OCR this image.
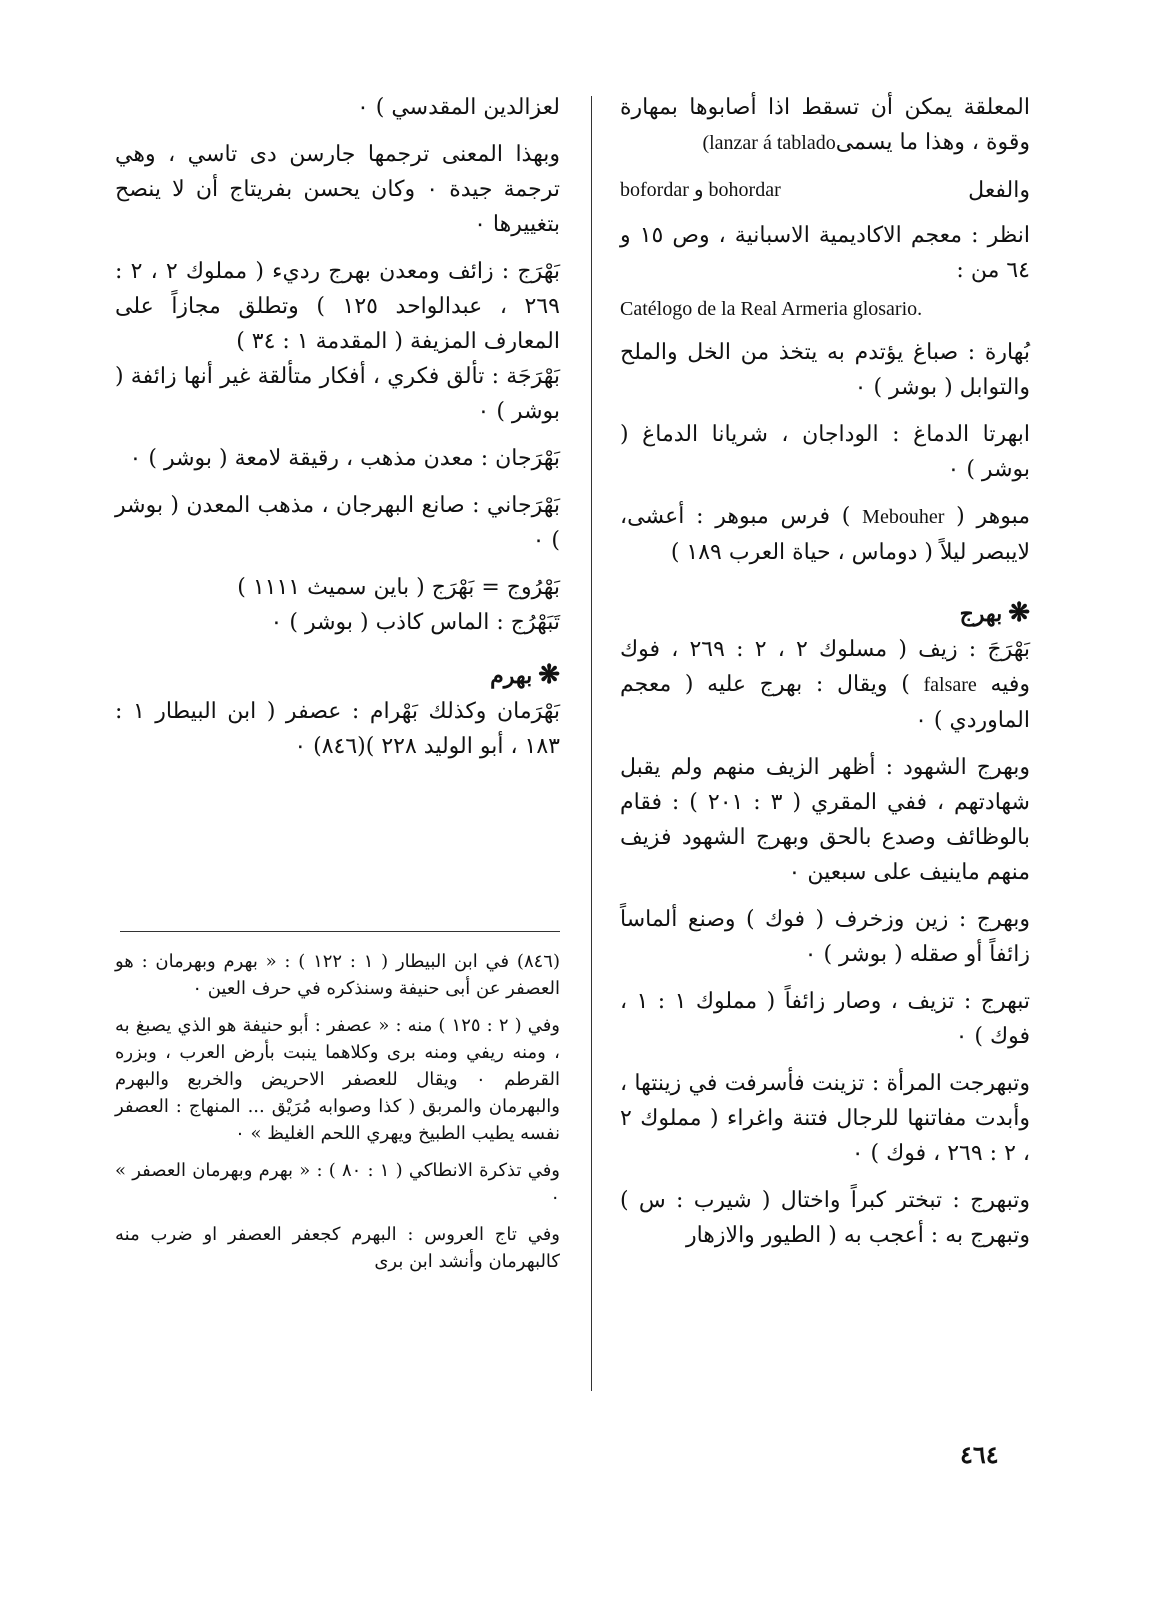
المعلقة يمكن أن تسقط اذا أصابوها بمهارة وقوة ، وهذا ما يسمى(lanzar á tablado

والفعل
bofordar و bohordar

انظر : معجم الاكاديمية الاسبانية ، وص ١٥ و ٦٤ من :

Catélogo de la Real Armeria glosario.

بُهارة : صباغ يؤتدم به يتخذ من الخل والملح والتوابل ( بوشر ) ٠

ابهرتا الدماغ : الوداجان ، شريانا الدماغ ( بوشر ) ٠

مبوهر ( Mebouher ) فرس مبوهر : أعشى، لايبصر ليلاً ( دوماس ، حياة العرب ١٨٩ )

❋بهرج

بَهْرَجَ : زيف ( مسلوك ٢ ، ٢ : ٢٦٩ ، فوك وفيه falsare ) ويقال : بهرج عليه ( معجم الماوردي ) ٠

وبهرج الشهود : أظهر الزيف منهم ولم يقبل شهادتهم ، ففي المقري ( ٣ : ٢٠١ ) : فقام بالوظائف وصدع بالحق وبهرج الشهود فزيف منهم ماينيف على سبعين ٠

وبهرج : زين وزخرف ( فوك ) وصنع ألماساً زائفاً أو صقله ( بوشر ) ٠

تبهرج : تزيف ، وصار زائفاً ( مملوك ١ : ١ ، فوك ) ٠

وتبهرجت المرأة : تزينت فأسرفت في زينتها ، وأبدت مفاتنها للرجال فتنة واغراء ( مملوك ٢ ، ٢ : ٢٦٩ ، فوك ) ٠

وتبهرج : تبختر كبراً واختال ( شيرب : س ) وتبهرج به : أعجب به ( الطيور والازهار

لعزالدين المقدسي ) ٠

وبهذا المعنى ترجمها جارسن دى تاسي ، وهي ترجمة جيدة ٠ وكان يحسن بفريتاج أن لا ينصح بتغييرها ٠

بَهْرَج : زائف ومعدن بهرج رديء ( مملوك ٢ ، ٢ : ٢٦٩ ، عبدالواحد ١٢٥ ) وتطلق مجازاً على المعارف المزيفة ( المقدمة ١ : ٣٤ )

بَهْرَجَة : تألق فكري ، أفكار متألقة غير أنها زائفة ( بوشر ) ٠

بَهْرَجان : معدن مذهب ، رقيقة لامعة ( بوشر ) ٠

بَهْرَجاني : صانع البهرجان ، مذهب المعدن ( بوشر ) ٠

بَهْرُوج = بَهْرَج ( باين سميث ١١١١ )

تَبَهْرُج : الماس كاذب ( بوشر ) ٠

❋بهرم

بَهْرَمان وكذلك بَهْرام : عصفر ( ابن البيطار ١ : ١٨٣ ، أبو الوليد ٢٢٨ )(٨٤٦) ٠

(٨٤٦) في ابن البيطار ( ١ : ١٢٢ ) : « بهرم وبهرمان : هو العصفر عن أبى حنيفة وسنذكره في حرف العين ٠

وفي ( ٢ : ١٢٥ ) منه : « عصفر : أبو حنيفة هو الذي يصبغ به ، ومنه ريفي ومنه برى وكلاهما ينبت بأرض العرب ، وبزره القرطم ٠ ويقال للعصفر الاحريض والخربع والبهرم والبهرمان والمربق ( كذا وصوابه مُرَيْق ... المنهاج : العصفر نفسه يطيب الطبيخ ويهري اللحم الغليظ » ٠

وفي تذكرة الانطاكي ( ١ : ٨٠ ) : « بهرم وبهرمان العصفر » ٠

وفي تاج العروس : البهرم كجعفر العصفر او ضرب منه كالبهرمان وأنشد ابن برى

٤٦٤
